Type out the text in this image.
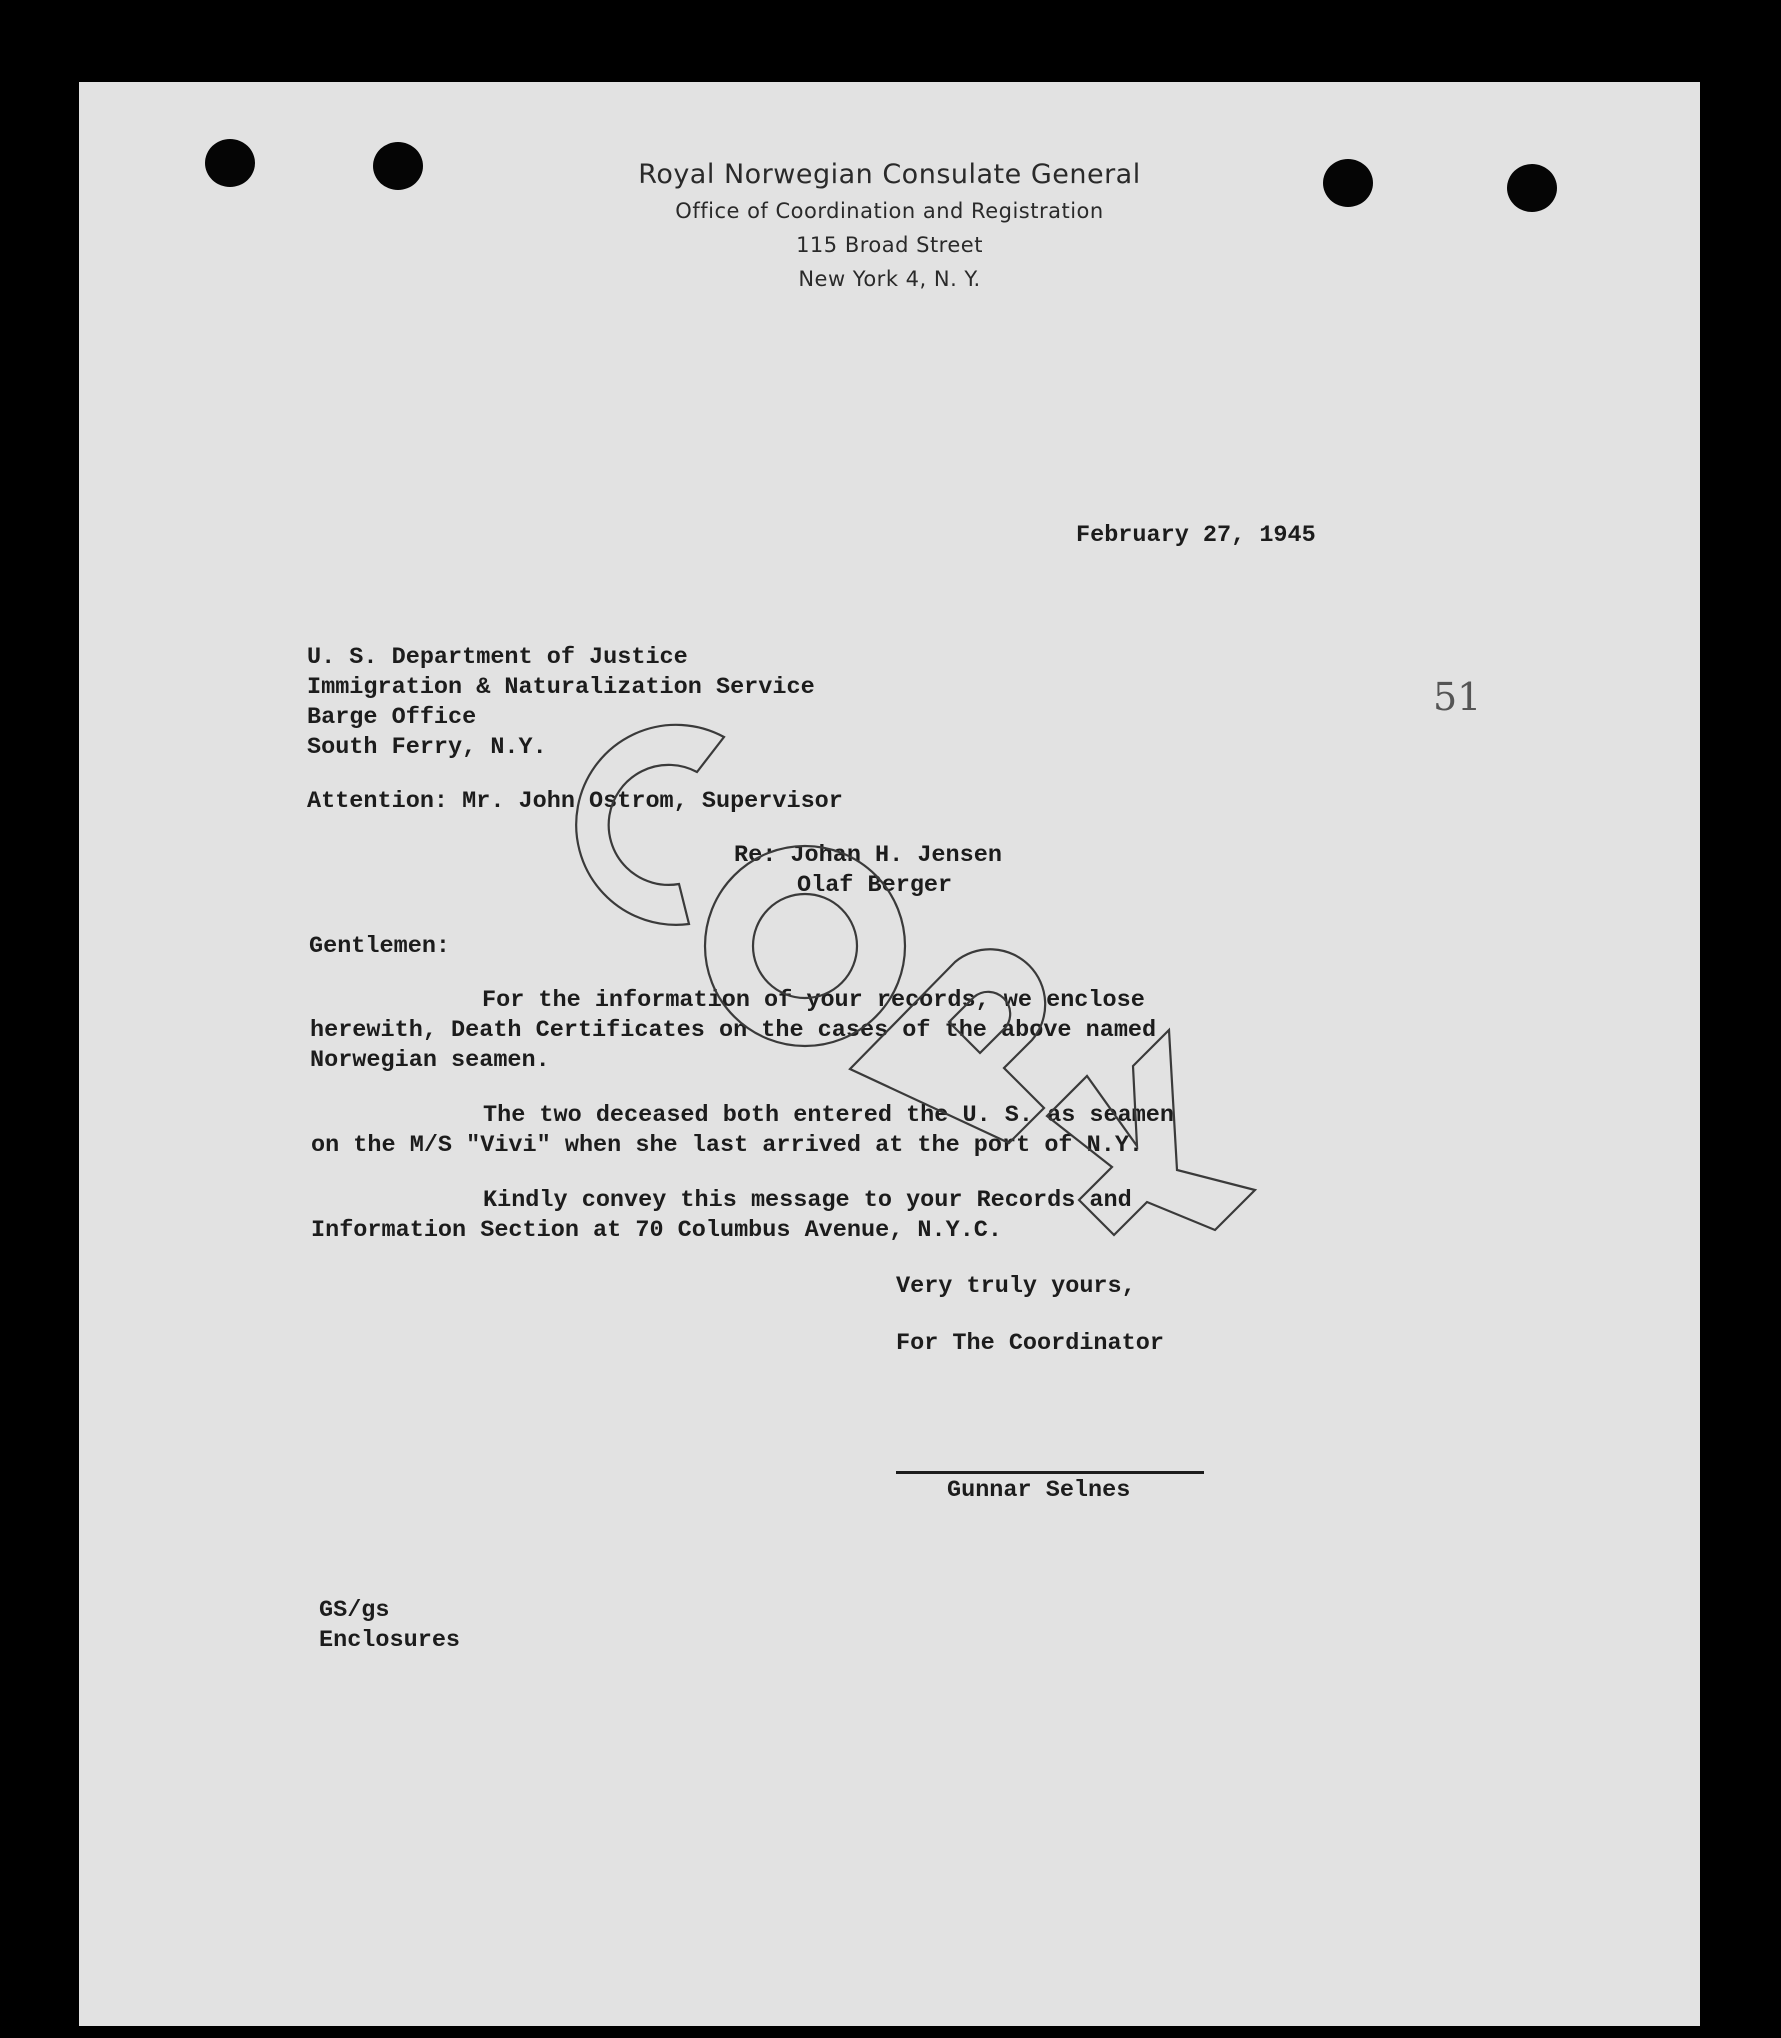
Royal Norwegian Consulate General
Office of Coordination and Registration
115 Broad Street
New York 4, N. Y.
February 27, 1945
51
U. S. Department of Justice
Immigration & Naturalization Service
Barge Office
South Ferry, N.Y.
Attention: Mr. John Ostrom, Supervisor
Re: Johan H. Jensen
Olaf Berger
Gentlemen:
For the information of your records, we enclose
herewith, Death Certificates on the cases of the above named
Norwegian seamen.
The two deceased both entered the U. S. as seamen
on the M/S "Vivi" when she last arrived at the port of N.Y.
Kindly convey this message to your Records and
Information Section at 70 Columbus Avenue, N.Y.C.
Very truly yours,
For The Coordinator
Gunnar Selnes
GS/gs
Enclosures
